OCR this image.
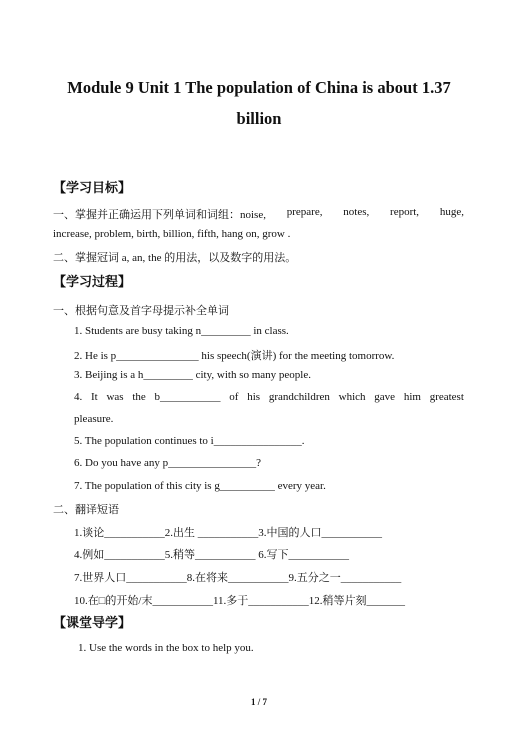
Module 9 Unit 1 The population of China is about 1.37
billion
【学习目标】
一、掌握并正确运用下列单词和词组：noise, prepare, notes, report, huge,
increase, problem, birth, billion, fifth, hang on, grow .
二、掌握冠词 a, an, the 的用法，以及数字的用法。
【学习过程】
一、根据句意及首字母提示补全单词
1. Students are busy taking n_________ in class.
2. He is p_______________ his speech(演讲) for the meeting tomorrow.
3. Beijing is a h_________ city, with so many people.
4. It was the b___________ of his grandchildren which gave him greatest
pleasure.
5. The population continues to i________________.
6. Do you have any p________________?
7. The population of this city is g__________ every year.
二、翻译短语
1.谈论___________2.出生 ___________3.中国的人口___________
4.例如___________5.稍等___________ 6.写下___________
7.世界人口___________8.在将来___________9.五分之一___________
10.在□的开始/末___________11.多于___________12.稍等片刻_______
【课堂导学】
1. Use the words in the box to help you.
1 / 7
